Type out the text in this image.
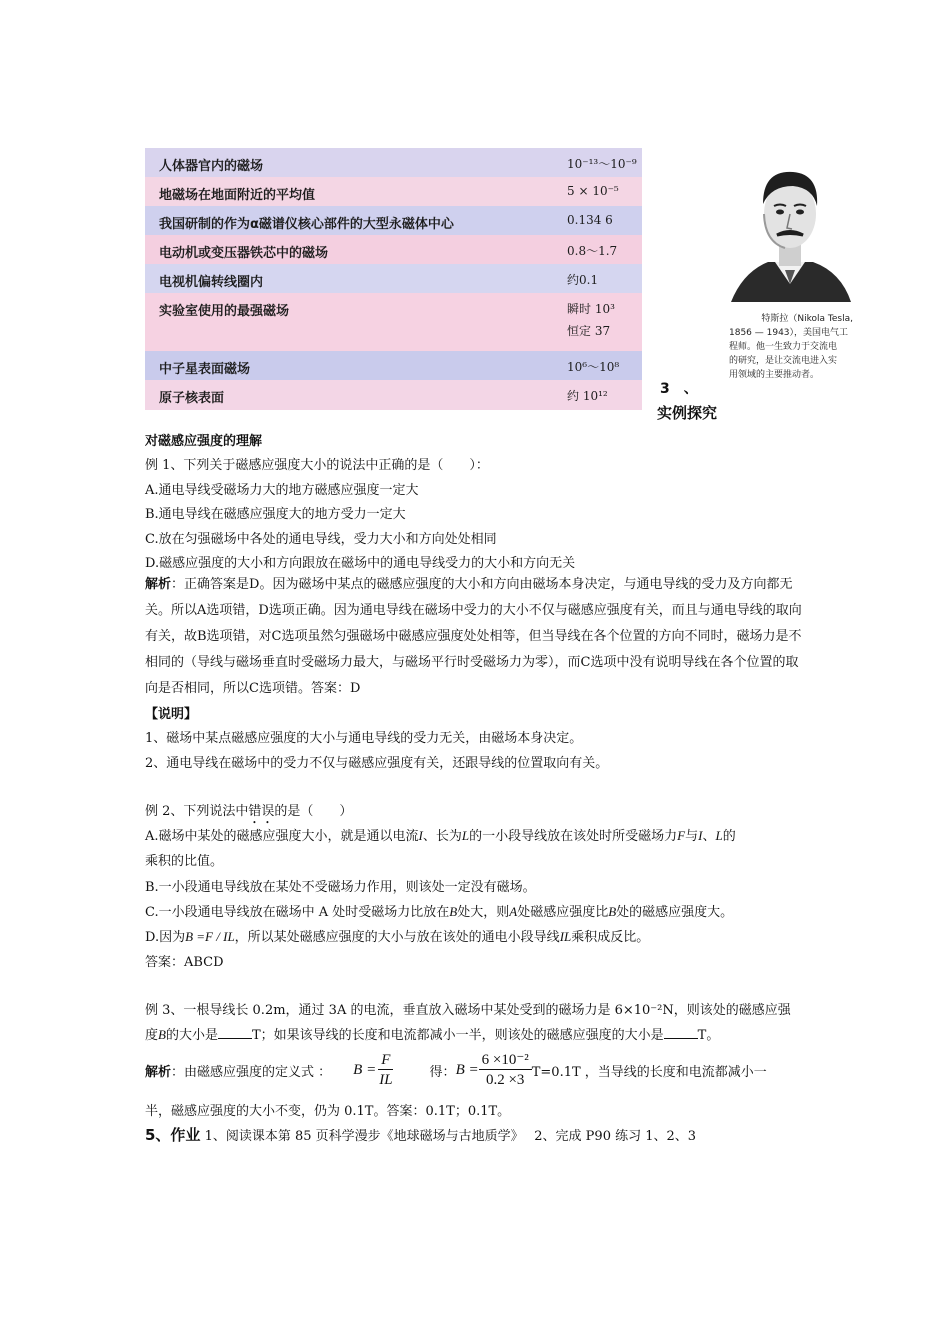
人体器官内的磁场	10⁻¹³～10⁻⁹
地磁场在地面附近的平均值	5 × 10⁻⁵
我国研制的作为α磁谱仪核心部件的大型永磁体中心	0.134 6
电动机或变压器铁芯中的磁场	0.8～1.7
电视机偏转线圈内	约0.1
实验室使用的最强磁场	瞬时 10³
恒定 37
中子星表面磁场	10⁶～10⁸
原子核表面	约 10¹²
特斯拉（Nikola Tesla,
1856 — 1943），美国电气工
程师。他一生致力于交流电
的研究，是让交流电进入实
用领域的主要推动者。
3　、
实例探究
对磁感应强度的理解
例 1、下列关于磁感应强度大小的说法中正确的是（　　）：
A.通电导线受磁场力大的地方磁感应强度一定大
B.通电导线在磁感应强度大的地方受力一定大
C.放在匀强磁场中各处的通电导线，受力大小和方向处处相同
D.磁感应强度的大小和方向跟放在磁场中的通电导线受力的大小和方向无关
解析：正确答案是D。因为磁场中某点的磁感应强度的大小和方向由磁场本身决定，与通电导线的受力及方向都无关。所以A选项错，D选项正确。因为通电导线在磁场中受力的大小不仅与磁感应强度有关，而且与通电导线的取向有关，故B选项错，对C选项虽然匀强磁场中磁感应强度处处相等，但当导线在各个位置的方向不同时，磁场力是不相同的（导线与磁场垂直时受磁场力最大，与磁场平行时受磁场力为零），而C选项中没有说明导线在各个位置的取向是否相同，所以C选项错。答案：D
【说明】
1、磁场中某点磁感应强度的大小与通电导线的受力无关，由磁场本身决定。
2、通电导线在磁场中的受力不仅与磁感应强度有关，还跟导线的位置取向有关。
例 2、下列说法中错误的是（　　）
A.磁场中某处的磁感应强度大小，就是通以电流I、长为L的一小段导线放在该处时所受磁场力F与I、L的
乘积的比值。
B.一小段通电导线放在某处不受磁场力作用，则该处一定没有磁场。
C.一小段通电导线放在磁场中 A 处时受磁场力比放在B处大，则A处磁感应强度比B处的磁感应强度大。
D.因为B =F / IL，所以某处磁感应强度的大小与放在该处的通电小段导线IL乘积成反比。
答案：ABCD
例 3、一根导线长 0.2m，通过 3A 的电流，垂直放入磁场中某处受到的磁场力是 6×10⁻²N，则该处的磁感应强
度B的大小是	T；如果该导线的长度和电流都减小一半，则该处的磁感应强度的大小是	T。
解析 ：由磁感应强度的定义式 ： $B = \frac{F}{IL}$	得： $B = \frac{\text{6 ×10⁻²}}{0.2 \times 3} T=0.1T$ ，当导线的长度和电流都减小一
半，磁感应强度的大小不变，仍为 0.1T。答案：0.1T；0.1T。
5、作业 1、阅读课本第 85 页科学漫步《地球磁场与古地质学》　 2、完成 P90 练习 1、2、3
